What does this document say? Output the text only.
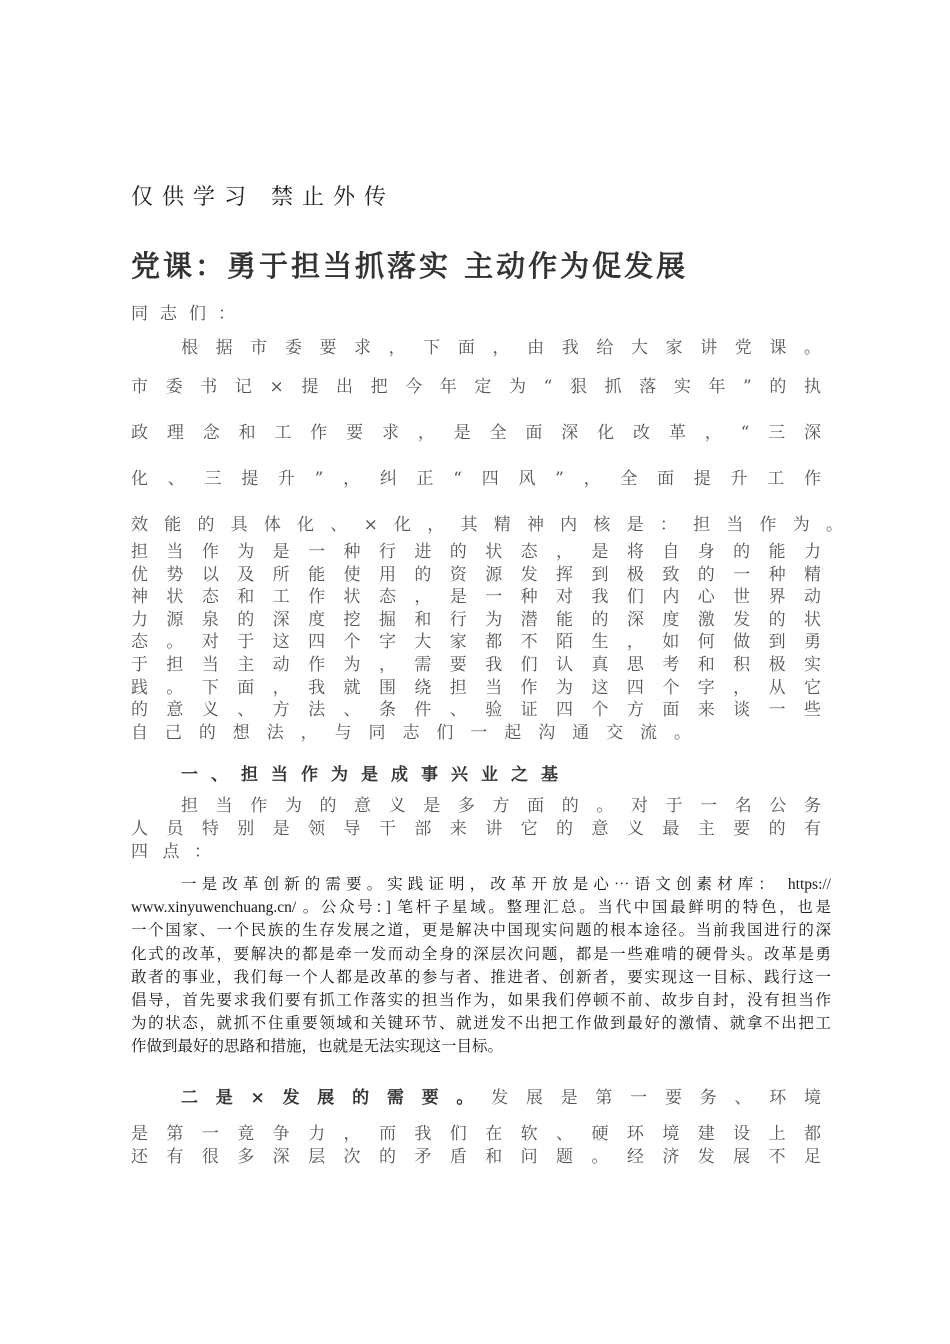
仅供学习 禁止外传
党课：勇于担当抓落实 主动作为促发展
同志们：
根据市委要求，下面，由我给大家讲党课。
市委书记×提出把今年定为“狠抓落实年”的执
政理念和工作要求，是全面深化改革，“三深
化、三提升”，纠正“四风”，全面提升工作
效能的具体化、×化，其精神内核是：担当作为。
担当作为是一种行进的状态，是将自身的能力
优势以及所能使用的资源发挥到极致的一种精
神状态和工作状态，是一种对我们内心世界动
力源泉的深度挖掘和行为潜能的深度激发的状
态。对于这四个字大家都不陌生，如何做到勇
于担当主动作为，需要我们认真思考和积极实
践。下面，我就围绕担当作为这四个字，从它
的意义、方法、条件、验证四个方面来谈一些
自己的想法，与同志们一起沟通交流。
一、担当作为是成事兴业之基
担当作为的意义是多方面的。对于一名公务
人员特别是领导干部来讲它的意义最主要的有
四点：
一是改革创新的需要。实践证明，改革开放是心⋯语文创素材库： https://
www.xinyuwenchuang.cn/ 。公众号：] 笔杆子星域。整理汇总。当代中国最鲜明的特色，也是
一个国家、一个民族的生存发展之道，更是解决中国现实问题的根本途径。当前我国进行的深
化式的改革，要解决的都是牵一发而动全身的深层次问题，都是一些难啃的硬骨头。改革是勇
敢者的事业，我们每一个人都是改革的参与者、推进者、创新者，要实现这一目标、践行这一
倡导，首先要求我们要有抓工作落实的担当作为，如果我们停顿不前、故步自封，没有担当作
为的状态，就抓不住重要领域和关键环节、就迸发不出把工作做到最好的激情、就拿不出把工
作做到最好的思路和措施，也就是无法实现这一目标。
二是×发展的需要。发展是第一要务、环境
是第一竟争力，而我们在软、硬环境建设上都
还有很多深层次的矛盾和问题。经济发展不足
